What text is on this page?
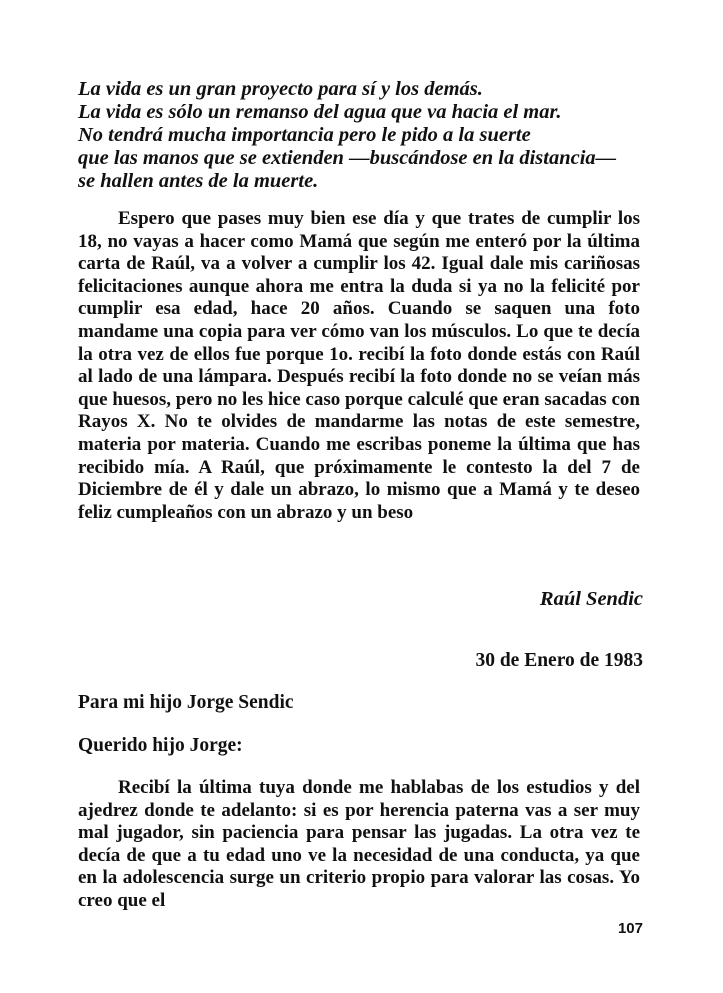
La vida es un gran proyecto para sí y los demás.
La vida es sólo un remanso del agua que va hacia el mar.
No tendrá mucha importancia pero le pido a la suerte
que las manos que se extienden —buscándose en la distancia—
se hallen antes de la muerte.
Espero que pases muy bien ese día y que trates de cumplir los 18, no vayas a hacer como Mamá que según me enteró por la última carta de Raúl, va a volver a cumplir los 42. Igual dale mis cariñosas felicitaciones aunque ahora me entra la duda si ya no la felicité por cumplir esa edad, hace 20 años. Cuando se saquen una foto mandame una copia para ver cómo van los músculos. Lo que te decía la otra vez de ellos fue porque 1o. recibí la foto donde estás con Raúl al lado de una lámpara. Después recibí la foto donde no se veían más que huesos, pero no les hice caso porque calculé que eran sacadas con Rayos X. No te olvides de mandarme las notas de este semestre, materia por materia. Cuando me escribas poneme la última que has recibido mía. A Raúl, que próximamente le contesto la del 7 de Diciembre de él y dale un abrazo, lo mismo que a Mamá y te deseo feliz cumpleaños con un abrazo y un beso
Raúl Sendic
30 de Enero de 1983
Para mi hijo Jorge Sendic
Querido hijo Jorge:
Recibí la última tuya donde me hablabas de los estudios y del ajedrez donde te adelanto: si es por herencia paterna vas a ser muy mal jugador, sin paciencia para pensar las jugadas. La otra vez te decía de que a tu edad uno ve la necesidad de una conducta, ya que en la adolescencia surge un criterio propio para valorar las cosas. Yo creo que el
107
